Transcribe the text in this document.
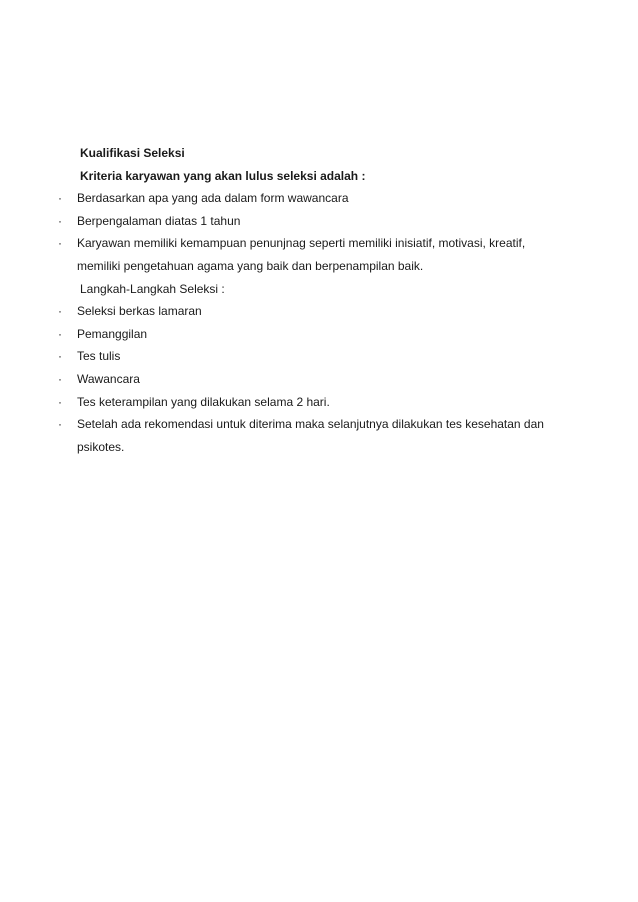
Kualifikasi Seleksi
Kriteria karyawan yang akan lulus seleksi adalah :
· Berdasarkan apa yang ada dalam form wawancara
· Berpengalaman diatas 1 tahun
· Karyawan memiliki kemampuan penunjnag seperti memiliki inisiatif, motivasi, kreatif,
memiliki pengetahuan agama yang baik dan berpenampilan baik.
Langkah-Langkah Seleksi :
· Seleksi berkas lamaran
· Pemanggilan
· Tes tulis
· Wawancara
· Tes keterampilan yang dilakukan selama 2 hari.
· Setelah ada rekomendasi untuk diterima maka selanjutnya dilakukan tes kesehatan dan
psikotes.
